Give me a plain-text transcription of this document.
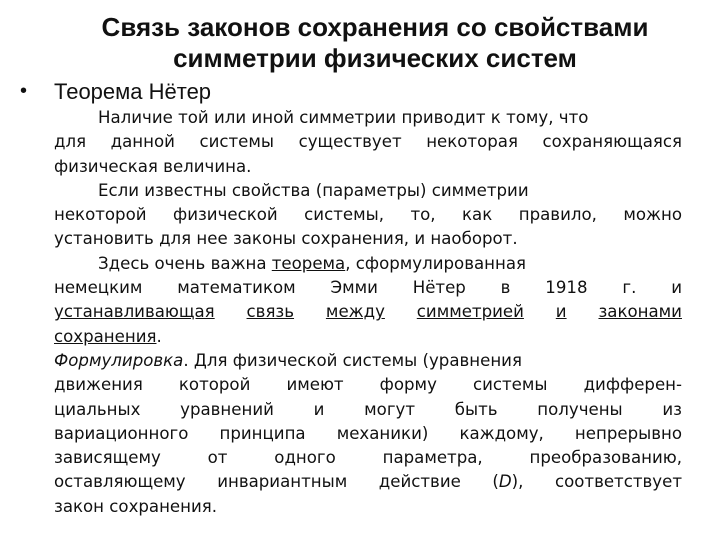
Связь законов сохранения со свойствами
симметрии физических систем
• Теорема Нётер
Наличие той или иной симметрии приводит к тому, что
для данной системы существует некоторая сохраняющаяся
физическая величина.
Если известны свойства (параметры) симметрии
некоторой физической системы, то, как правило, можно
установить для нее законы сохранения, и наоборот.
Здесь очень важна теорема, сформулированная
немецким математиком Эмми Нётер в 1918 г. и
устанавливающая связь между симметрией и законами
сохранения.
Формулировка. Для физической системы (уравнения
движения которой имеют форму системы дифферен-
циальных уравнений и могут быть получены из
вариационного принципа механики) каждому, непрерывно
зависящему от одного параметра, преобразованию,
оставляющему инвариантным действие (D), соответствует
закон сохранения.
